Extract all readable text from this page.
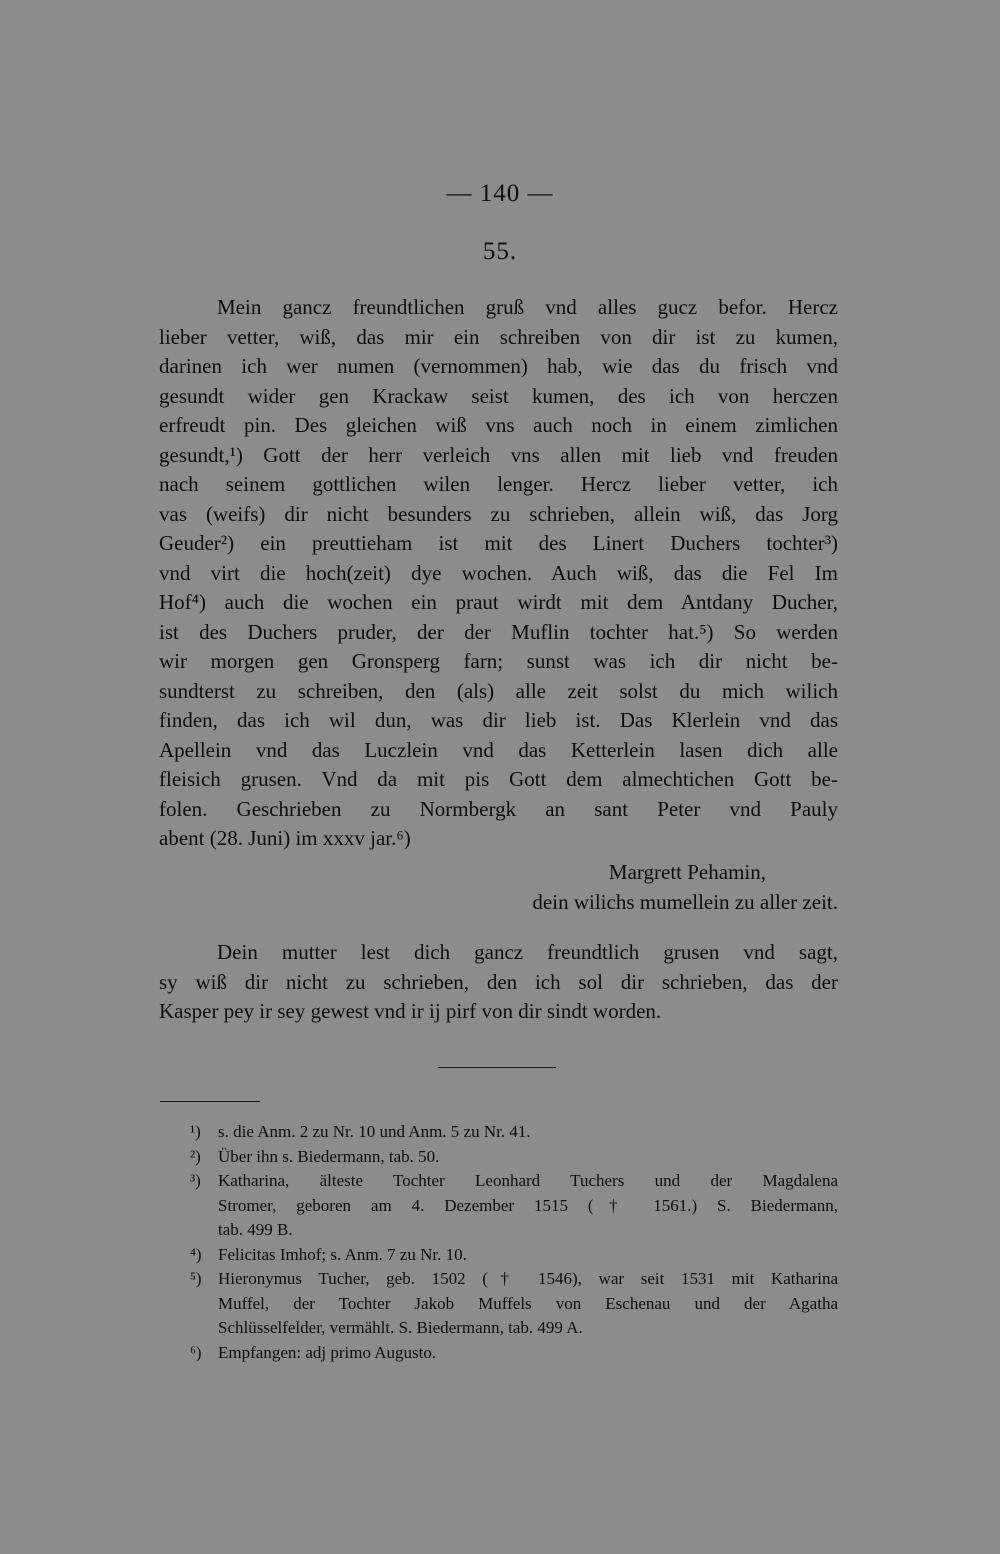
— 140 —
55.
Mein gancz freundtlichen gruß vnd alles gucz befor. Hercz
lieber vetter, wiß, das mir ein schreiben von dir ist zu kumen,
darinen ich wer numen (vernommen) hab, wie das du frisch vnd
gesundt wider gen Krackaw seist kumen, des ich von herczen
erfreudt pin. Des gleichen wiß vns auch noch in einem zimlichen
gesundt,¹) Gott der herr verleich vns allen mit lieb vnd freuden
nach seinem gottlichen wilen lenger. Hercz lieber vetter, ich
vas (weifs) dir nicht besunders zu schrieben, allein wiß, das Jorg
Geuder²) ein preuttieham ist mit des Linert Duchers tochter³)
vnd virt die hoch(zeit) dye wochen. Auch wiß, das die Fel Im
Hof⁴) auch die wochen ein praut wirdt mit dem Antdany Ducher,
ist des Duchers pruder, der der Muflin tochter hat.⁵) So werden
wir morgen gen Gronsperg farn; sunst was ich dir nicht be-
sundterst zu schreiben, den (als) alle zeit solst du mich wilich
finden, das ich wil dun, was dir lieb ist. Das Klerlein vnd das
Apellein vnd das Luczlein vnd das Ketterlein lasen dich alle
fleisich grusen. Vnd da mit pis Gott dem almechtichen Gott be-
folen. Geschrieben zu Normbergk an sant Peter vnd Pauly
abent (28. Juni) im xxxv jar.⁶)
Margrett Pehamin,
dein wilichs mumellein zu aller zeit.
Dein mutter lest dich gancz freundtlich grusen vnd sagt,
sy wiß dir nicht zu schrieben, den ich sol dir schrieben, das der
Kasper pey ir sey gewest vnd ir ij pirf von dir sindt worden.
¹)	s. die Anm. 2 zu Nr. 10 und Anm. 5 zu Nr. 41.
²)	Über ihn s. Biedermann, tab. 50.
³)	Katharina, älteste Tochter Leonhard Tuchers und der Magdalena
Stromer, geboren am 4. Dezember 1515 († 1561.) S. Biedermann,
tab. 499 B.
⁴) Felicitas Imhof; s. Anm. 7 zu Nr. 10.
⁵) Hieronymus Tucher, geb. 1502 († 1546), war seit 1531 mit Katharina
Muffel, der Tochter Jakob Muffels von Eschenau und der Agatha
Schlüsselfelder, vermählt. S. Biedermann, tab. 499 A.
⁶) Empfangen: adj primo Augusto.
